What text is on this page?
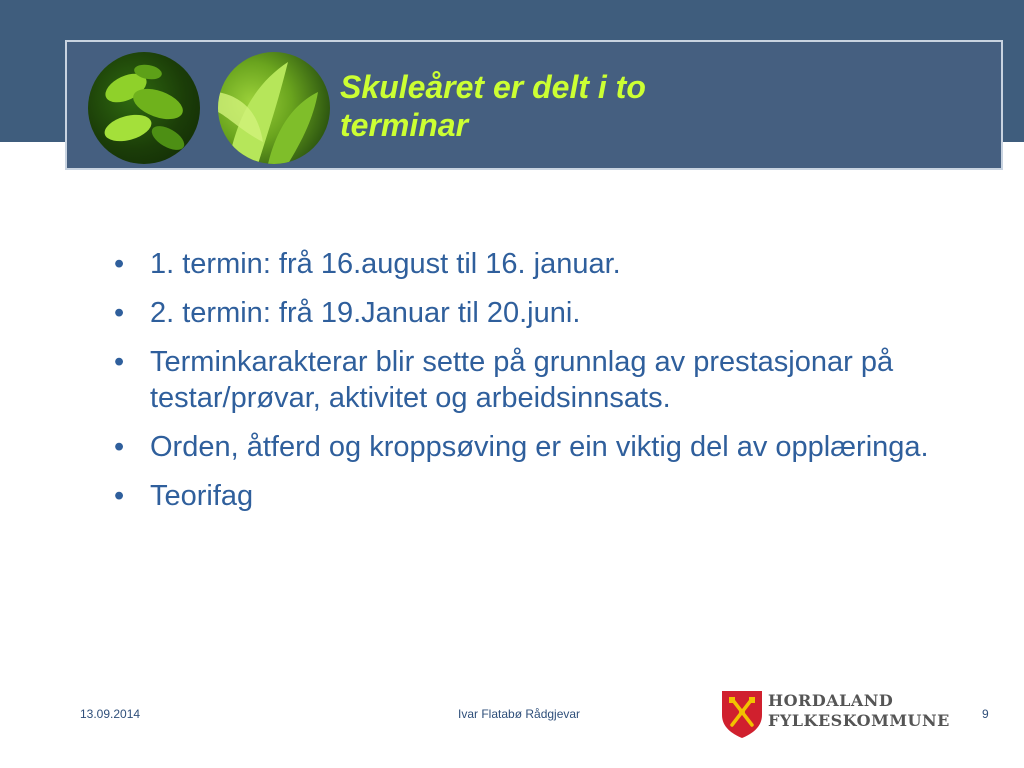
Skuleåret er delt i to
terminar
• 1. termin: frå 16.august til 16. januar.
• 2. termin: frå 19.Januar til 20.juni.
• Terminkarakterar blir sette på grunnlag av prestasjonar på testar/prøvar, aktivitet og arbeidsinnsats.
• Orden, åtferd og kroppsøving er ein viktig del av opplæringa.
• Teorifag
13.09.2014	Ivar Flatabø Rådgjevar	9
HORDALAND
FYLKESKOMMUNE
